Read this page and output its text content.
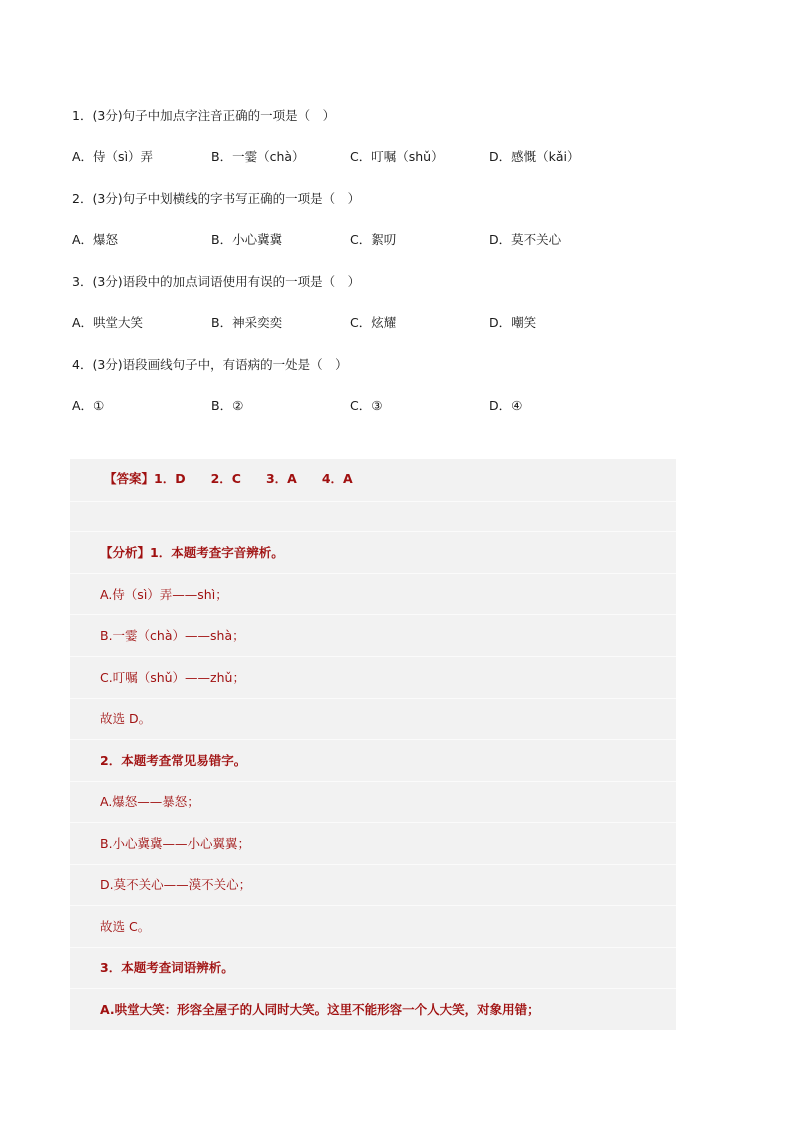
1．(3分)句子中加点字注音正确的一项是（　）
A．侍（sì）弄	B．一霎（chà）	C．叮嘱（shǔ）	D．感慨（kǎi）
2．(3分)句子中划横线的字书写正确的一项是（　）
A．爆怒	B．小心冀冀	C．絮叨	D．莫不关心
3．(3分)语段中的加点词语使用有误的一项是（　）
A．哄堂大笑	B．神采奕奕	C．炫耀	D．嘲笑
4．(3分)语段画线句子中，有语病的一处是（　）
A．①	B．②	C．③	D．④
【答案】1．D　　2．C　　3．A　　4．A
【分析】1．本题考查字音辨析。
A.侍（sì）弄——shì；
B.一霎（chà）——shà；
C.叮嘱（shǔ）——zhǔ；
故选 D。
2．本题考查常见易错字。
A.爆怒——暴怒；
B.小心冀冀——小心翼翼；
D.莫不关心——漠不关心；
故选 C。
3．本题考查词语辨析。
A.哄堂大笑：形容全屋子的人同时大笑。这里不能形容一个人大笑，对象用错；
